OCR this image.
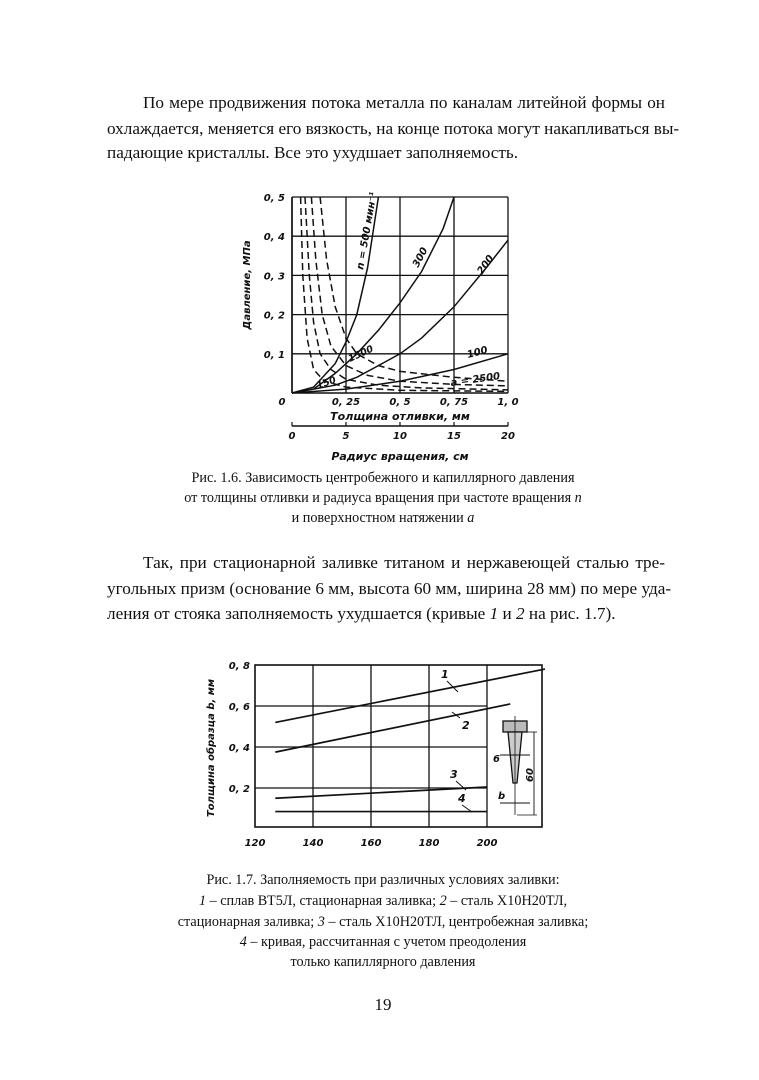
По мере продвижения потока металла по каналам литейной формы он
охлаждается, меняется его вязкость, на конце потока могут накапливаться вы-
падающие кристаллы. Все это ухудшает заполняемость.
Толщина отливки, мм
Радиус вращения, см
Давление, МПа
n = 500 мин⁻¹	300	200
100
a = 2500
1500
150
Толщина образца b, мм
1
2
3
4
6
60
b
0	0, 25	0, 5	0, 75	1, 0
0, 1
0, 2
0, 3
0, 4
0, 5
0	5	10	15	20
120	140	160	180	200
0, 2
0, 4
0, 6
0, 8
Рис. 1.6. Зависимость центробежного и капиллярного давления
от толщины отливки и радиуса вращения при частоте вращения n
и поверхностном натяжении a
Так, при стационарной заливке титаном и нержавеющей сталью тре-
угольных призм (основание 6 мм, высота 60 мм, ширина 28 мм) по мере уда-
ления от стояка заполняемость ухудшается (кривые 1 и 2 на рис. 1.7).
Рис. 1.7. Заполняемость при различных условиях заливки:
1 – сплав ВТ5Л, стационарная заливка; 2 – сталь Х10Н20ТЛ,
стационарная заливка; 3 – сталь Х10Н20ТЛ, центробежная заливка;
4 – кривая, рассчитанная с учетом преодоления
только капиллярного давления
19
